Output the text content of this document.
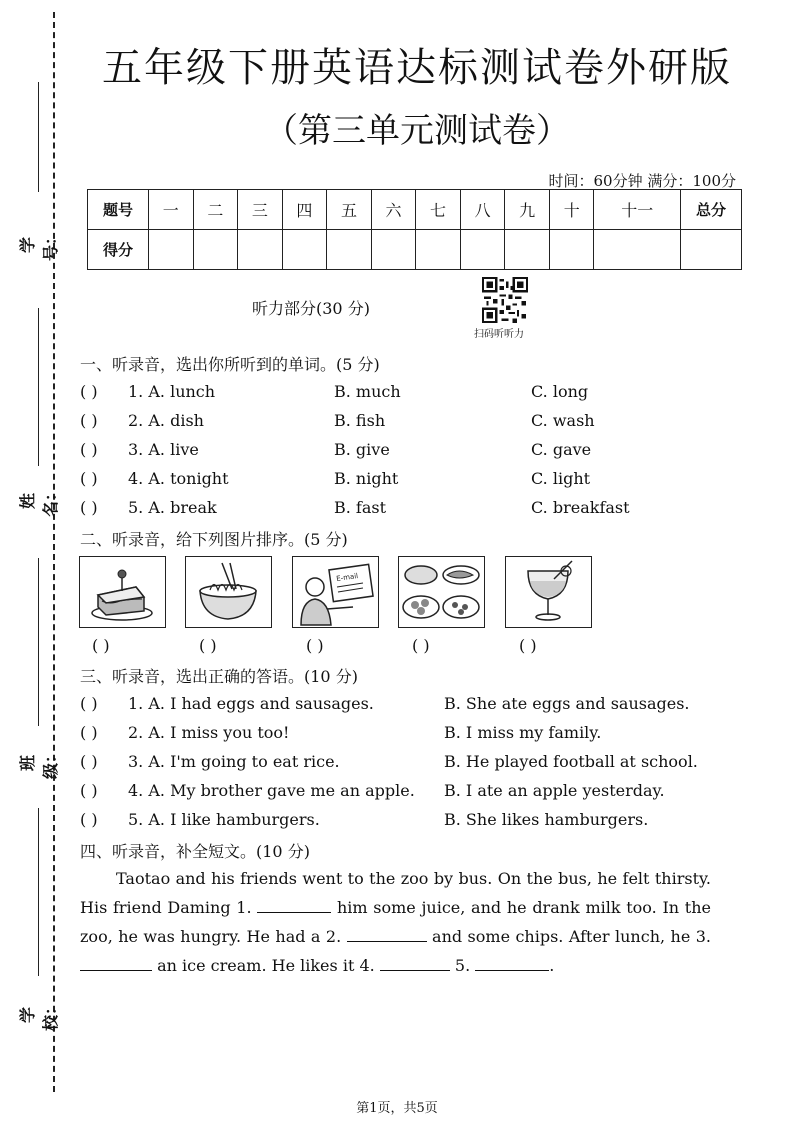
学号：
姓名：
班级：
学校：
五年级下册英语达标测试卷外研版
（第三单元测试卷）
时间：60分钟 满分：100分
题号	一	二	三	四	五	六	七	八	九	十	十一	总分
得分												
听力部分(30 分)
扫码听听力
一、听录音，选出你所听到的单词。(5 分)
( ) 1. A. lunch	B. much	C. long
( ) 2. A. dish	B. fish	C. wash
( ) 3. A. live	B. give	C. gave
( ) 4. A. tonight	B. night	C. light
( ) 5. A. break	B. fast	C. breakfast
二、听录音，给下列图片排序。(5 分)
E-mail
( )	( )	( )	( )	( )
三、听录音，选出正确的答语。(10 分)
( ) 1. A. I had eggs and sausages.	B. She ate eggs and sausages.
( ) 2. A. I miss you too!	B. I miss my family.
( ) 3. A. I'm going to eat rice.	B. He played football at school.
( ) 4. A. My brother gave me an apple. B. I ate an apple yesterday.
( ) 5. A. I like hamburgers.	B. She likes hamburgers.
四、听录音，补全短文。(10 分)
Taotao and his friends went to the zoo by bus. On the bus, he felt thirsty. His friend Daming 1.	him some juice, and he drank milk too. In the zoo, he was hungry. He had a 2.	and some chips. After lunch, he 3.  an ice cream. He likes it 4.	5.	.
第1页，共5页
